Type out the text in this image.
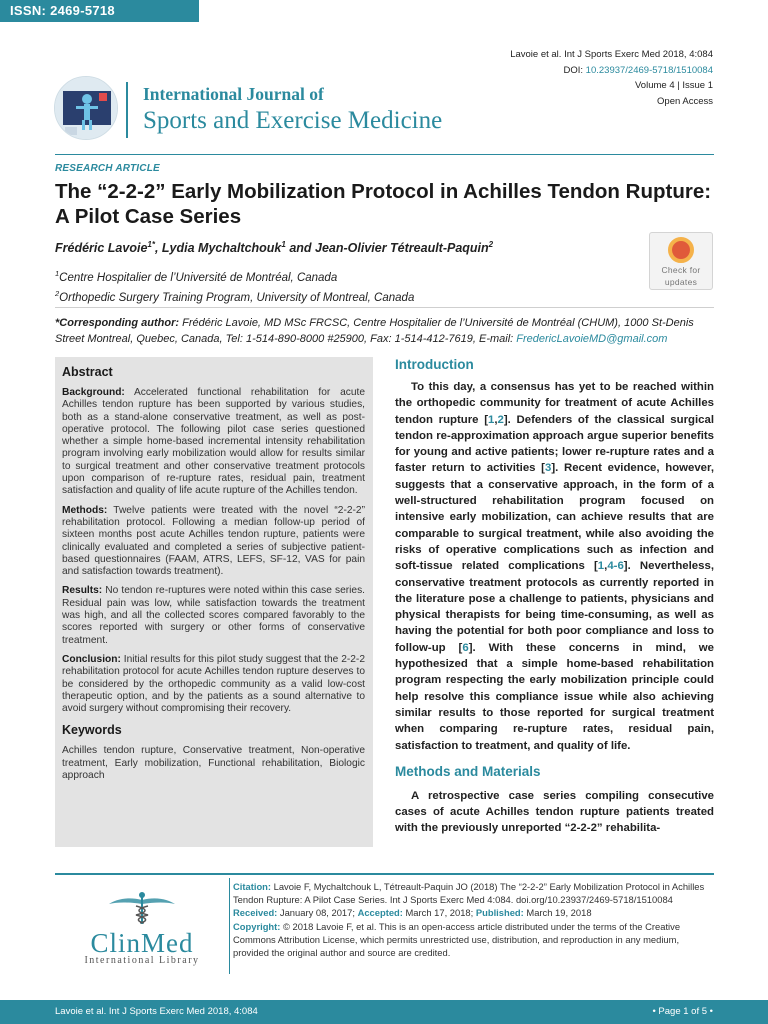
ISSN: 2469-5718
Lavoie et al. Int J Sports Exerc Med 2018, 4:084
DOI: 10.23937/2469-5718/1510084
Volume 4 | Issue 1
Open Access
International Journal of
Sports and Exercise Medicine
RESEARCH ARTICLE
The “2-2-2” Early Mobilization Protocol in Achilles Tendon Rupture: A Pilot Case Series
Frédéric Lavoie$^{1*}$, Lydia Mychaltchouk$^1$ and Jean-Olivier Tétreault-Paquin$^2$
$^1$Centre Hospitalier de l’Université de Montréal, Canada
$^2$Orthopedic Surgery Training Program, University of Montreal, Canada
Check for
updates
*Corresponding author: Frédéric Lavoie, MD MSc FRCSC, Centre Hospitalier de l’Université de Montréal (CHUM), 1000 St-Denis Street Montreal, Quebec, Canada, Tel: 1-514-890-8000 #25900, Fax: 1-514-412-7619, E-mail: FredericLavoieMD@gmail.com
Abstract
Background: Accelerated functional rehabilitation for acute Achilles tendon rupture has been supported by various studies, both as a stand-alone conservative treatment, as well as post-operative protocol. The following pilot case series questioned whether a simple home-based incremental intensity rehabilitation program involving early mobilization would allow for results similar to surgical treatment and other conservative treatment protocols upon comparison of re-rupture rates, residual pain, treatment satisfaction and quality of life acute rupture of the Achilles tendon.
Methods: Twelve patients were treated with the novel “2-2-2” rehabilitation protocol. Following a median follow-up period of sixteen months post acute Achilles tendon rupture, patients were clinically evaluated and completed a series of subjective patient-based questionnaires (FAAM, ATRS, LEFS, SF-12, VAS for pain and satisfaction towards treatment).
Results: No tendon re-ruptures were noted within this case series. Residual pain was low, while satisfaction towards the treatment was high, and all the collected scores compared favorably to the scores reported with surgery or other forms of conservative treatment.
Conclusion: Initial results for this pilot study suggest that the 2-2-2 rehabilitation protocol for acute Achilles tendon rupture deserves to be considered by the orthopedic community as a valid low-cost therapeutic option, and by the patients as a sound alternative to avoid surgery without compromising their recovery.
Keywords
Achilles tendon rupture, Conservative treatment, Non-operative treatment, Early mobilization, Functional rehabilitation, Biologic approach
Introduction

To this day, a consensus has yet to be reached within the orthopedic community for treatment of acute Achilles tendon rupture [1,2]. Defenders of the classical surgical tendon re-approximation approach argue superior benefits for young and active patients; lower re-rupture rates and a faster return to activities [3]. Recent evidence, however, suggests that a conservative approach, in the form of a well-structured rehabilitation program focused on intensive early mobilization, can achieve results that are comparable to surgical treatment, while also avoiding the risks of operative complications such as infection and soft-tissue related complications [1,4-6]. Nevertheless, conservative treatment protocols as currently reported in the literature pose a challenge to patients, physicians and physical therapists for being time-consuming, as well as having the potential for both poor compliance and loss to follow-up [6]. With these concerns in mind, we hypothesized that a simple home-based rehabilitation program respecting the early mobilization principle could help resolve this compliance issue while also achieving similar results to those reported for surgical treatment when comparing re-rupture rates, residual pain, satisfaction to treatment, and quality of life.

Methods and Materials

A retrospective case series compiling consecutive cases of acute Achilles tendon rupture patients treated with the previously unreported “2-2-2” rehabilita-

ClinMed
International Library
Citation: Lavoie F, Mychaltchouk L, Tétreault-Paquin JO (2018) The “2-2-2” Early Mobilization Protocol in Achilles Tendon Rupture: A Pilot Case Series. Int J Sports Exerc Med 4:084. doi.org/10.23937/2469-5718/1510084
Received: January 08, 2017; Accepted: March 17, 2018; Published: March 19, 2018
Copyright: © 2018 Lavoie F, et al. This is an open-access article distributed under the terms of the Creative Commons Attribution License, which permits unrestricted use, distribution, and reproduction in any medium, provided the original author and source are credited.
Lavoie et al. Int J Sports Exerc Med 2018, 4:084	• Page 1 of 5 •
